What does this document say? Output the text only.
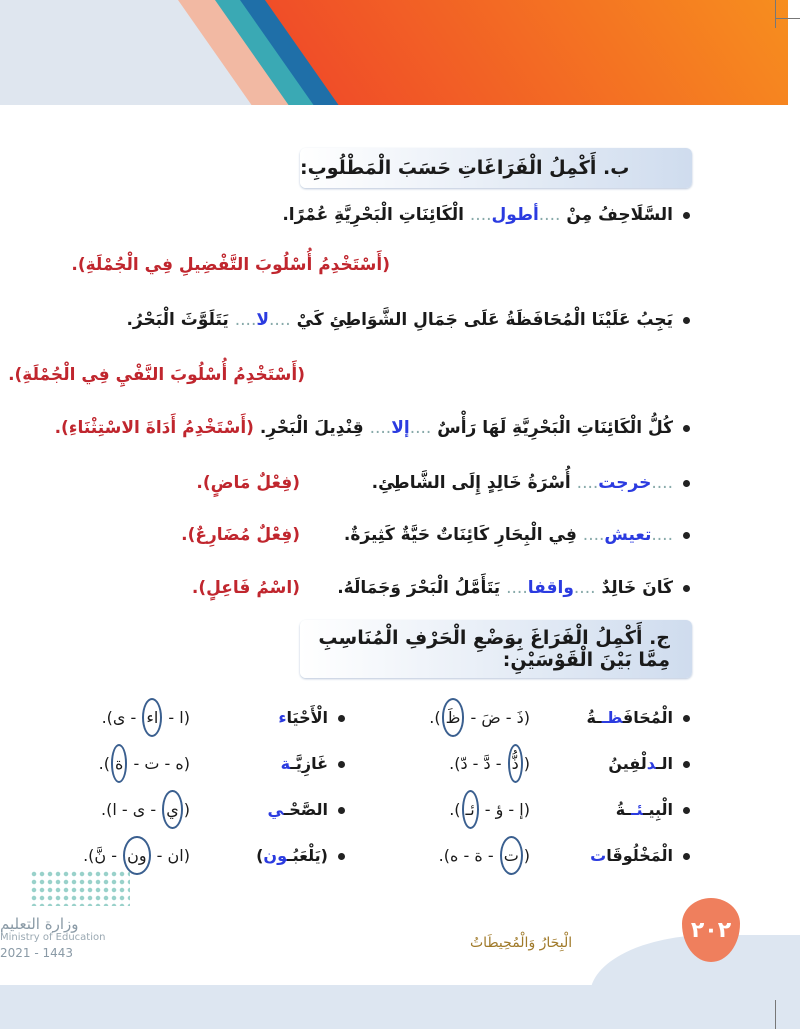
ب. أَكْمِلُ الْفَرَاغَاتِ حَسَبَ الْمَطْلُوبِ:
السَّلَاحِفُ مِنْ ....أطول.... الْكَائِنَاتِ الْبَحْرِيَّةِ عُمْرًا.
(أَسْتَخْدِمُ أُسْلُوبَ التَّفْضِيلِ فِي الْجُمْلَةِ).
يَجِبُ عَلَيْنَا الْمُحَافَظَةُ عَلَى جَمَالِ الشَّوَاطِئِ كَيْ ....لا.... يَتَلَوَّثَ الْبَحْرُ.
(أَسْتَخْدِمُ أُسْلُوبَ النَّفْيِ فِي الْجُمْلَةِ).
كُلُّ الْكَائِنَاتِ الْبَحْرِيَّةِ لَهَا رَأْسٌ ....إلا.... قِنْدِيلَ الْبَحْرِ. (أَسْتَخْدِمُ أَدَاةَ الاسْتِثْنَاءِ).
....خرجت.... أُسْرَةُ خَالِدٍ إِلَى الشَّاطِئِ.
(فِعْلٌ مَاضٍ).
....تعيش.... فِي الْبِحَارِ كَائِنَاتٌ حَيَّةٌ كَثِيرَةٌ.
(فِعْلٌ مُضَارِعٌ).
كَانَ خَالِدٌ ....واقفا.... يَتَأَمَّلُ الْبَحْرَ وَجَمَالَهُ.
(اسْمُ فَاعِلٍ).
ج. أَكْمِلُ الْفَرَاغَ بِوَضْعِ الْحَرْفِ الْمُنَاسِبِ مِمَّا بَيْنَ الْقَوْسَيْنِ:
الْمُحَافَظــةُ
(ذَ - ضَ - ظَ).
الْأَحْيَاء
(ا - اء - ى).
الـدلْفِينُ
(ذُّ - دَّ - دّ).
غَازِيَّـة
(ه - ت - ة).
الْبِيـئــةُ
(إ - ؤ - ئـ).
الصَّحْـي
(ي - ى - ا).
الْمَخْلُوقَات
(ت - ة - ه).
(يَلْعَبُـون)
(ان - ون - نَّ).
وزارة التعليم
Ministry of Education
2021 - 1443
الْبِحَارُ وَالْمُحِيطَاتُ
٢٠٢
